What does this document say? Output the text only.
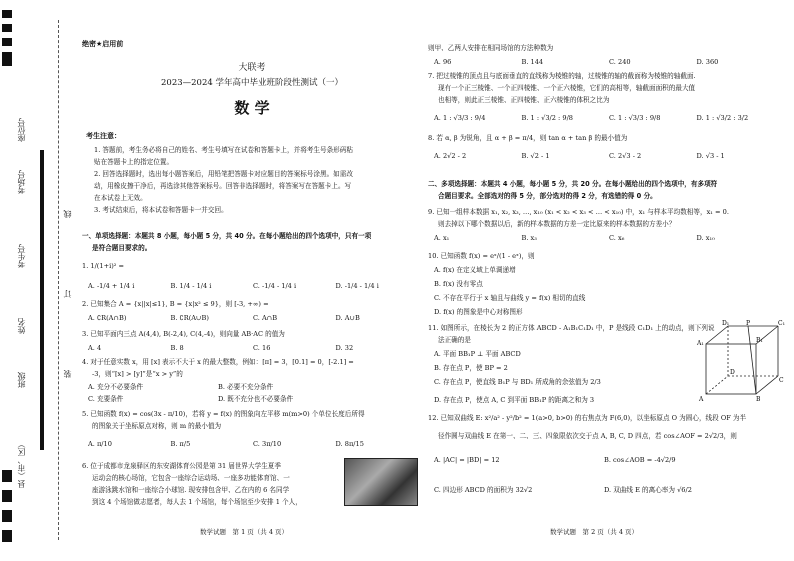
座位号
考场号
考生号
姓名
班级
县（市、区）
线
订
装
绝密★启用前
大联考
2023—2024 学年高中毕业班阶段性测试（一）
数 学
考生注意：
1. 答题前，考生务必将自己的姓名、考生号填写在试卷和答题卡上，并将考生号条形码粘
贴在答题卡上的指定位置。
2. 回答选择题时，选出每小题答案后，用铅笔把答题卡对应题目的答案标号涂黑。如需改
动，用橡皮擦干净后，再选涂其他答案标号。回答非选择题时，将答案写在答题卡上。写
在本试卷上无效。
3. 考试结束后，将本试卷和答题卡一并交回。
一、单项选择题：本题共 8 小题，每小题 5 分，共 40 分。在每小题给出的四个选项中，只有一项
是符合题目要求的。
1. 1/(1+i)² =
A. -1/4 + 1/4 i	B. 1/4 - 1/4 i	C. -1/4 - 1/4 i	D. -1/4 - 1/4 i
2. 已知集合 A = {x||x|≤1}, B = {x|x² ≤ 9}，则 [-3, +∞) =
A. ∁R(A∩B)	B. ∁R(A∪B)	C. A∩B	D. A∪B
3. 已知平面内三点 A(4,4), B(-2,4), C(4,-4)，则向量 AB·AC 的值为
A. 4	B. 8	C. 16	D. 32
4. 对于任意实数 x，用 [x] 表示不大于 x 的最大整数，例如：[π] = 3，[0.1] = 0，[-2.1] =
-3，则“[x] > [y]”是“x > y”的
A. 充分不必要条件	B. 必要不充分条件
C. 充要条件	D. 既不充分也不必要条件
5. 已知函数 f(x) = cos(3x - π/10)，若将 y = f(x) 的图象向左平移 m(m>0) 个单位长度后所得
的图象关于坐标原点对称，则 m 的最小值为
A. π/10	B. π/5	C. 3π/10	D. 8π/15
6. 位于成都市龙泉驿区的东安湖体育公园是第 31 届世界大学生夏季
运动会的核心场馆，它包含一座综合运动场、一座多功能体育馆、一
座游泳跳水馆和一座综合小球馆. 现安排包含甲、乙在内的 6 名同学
到这 4 个场馆做志愿者，每人去 1 个场馆，每个场馆至少安排 1 个人，
数学试题　第 1 页（共 4 页）
则甲、乙两人安排在相同场馆的方法种数为
A. 96	B. 144	C. 240	D. 360
7. 把过棱锥的顶点且与底面垂直的直线称为棱锥的轴，过棱锥的轴的截面称为棱锥的轴截面.
现有一个正三棱锥、一个正四棱锥、一个正六棱锥，它们的高相等，轴截面面积的最大值
也相等，则此正三棱锥、正四棱锥、正六棱锥的体积之比为
A. 1 : √3/3 : 9/4	B. 1 : √3/2 : 9/8	C. 1 : √3/3 : 9/8	D. 1 : √3/2 : 3/2
8. 若 α, β 为锐角，且 α + β = π/4，则 tan α + tan β 的最小值为
A. 2√2 - 2	B. √2 - 1	C. 2√3 - 2	D. √3 - 1
二、多项选择题：本题共 4 小题，每小题 5 分，共 20 分。在每小题给出的四个选项中，有多项符
合题目要求。全部选对的得 5 分，部分选对的得 2 分，有选错的得 0 分。
9. 已知一组样本数据 x₁, x₂, x₃, …, x₁₀ (x₁ < x₂ < x₃ < … < x₁₀) 中，x₁ 与样本平均数相等，x₁ = 0.
则去掉以下哪个数据以后，新的样本数据的方差一定比原来的样本数据的方差小？
A. x₁	B. x₃	C. x₆	D. x₁₀
10. 已知函数 f(x) = eˣ/(1 - eˣ)，则
A. f(x) 在定义域上单调递增
B. f(x) 没有零点
C. 不存在平行于 x 轴且与曲线 y = f(x) 相切的直线
D. f(x) 的图象是中心对称图形
11. 如图所示，在棱长为 2 的正方体 ABCD - A₁B₁C₁D₁ 中，P 是线段 C₁D₁ 上的动点，则下列说
法正确的是
A. 平面 BB₁P ⊥ 平面 ABCD
B. 存在点 P，使 BP = 2
C. 存在点 P，使直线 B₁P 与 BD₁ 所成角的余弦值为 2/3
D. 存在点 P，使点 A, C 到平面 BB₁P 的距离之和为 3
D₁
A₁
C₁
B₁
D
C
A	B
P
12. 已知双曲线 E: x²/a² - y²/b² = 1(a>0, b>0) 的右焦点为 F(6,0)，以坐标原点 O 为圆心，线段 OF 为半
径作圆与双曲线 E 在第一、二、三、四象限依次交于点 A, B, C, D 四点，若 cos∠AOF = 2√2/3，则
A. |AC| = |BD| = 12	B. cos∠AOB = -4√2/9
C. 四边形 ABCD 的面积为 32√2	D. 双曲线 E 的离心率为 √6/2
数学试题　第 2 页（共 4 页）
